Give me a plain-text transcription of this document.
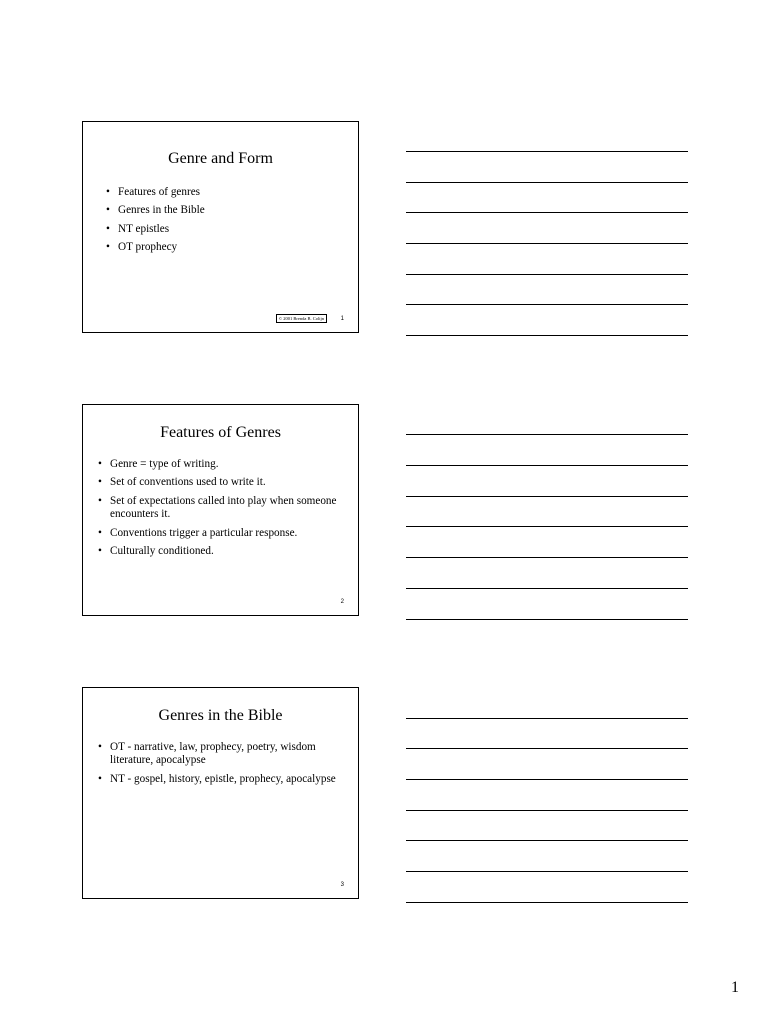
Genre and Form
• Features of genres
• Genres in the Bible
• NT epistles
• OT prophecy
© 2001 Brenda B. Colijn	1
Features of Genres
• Genre = type of writing.
• Set of conventions used to write it.
• Set of expectations called into play when someone encounters it.
• Conventions trigger a particular response.
• Culturally conditioned.
2
Genres in the Bible
• OT - narrative, law, prophecy, poetry, wisdom literature, apocalypse
• NT - gospel, history, epistle, prophecy, apocalypse
3
1
